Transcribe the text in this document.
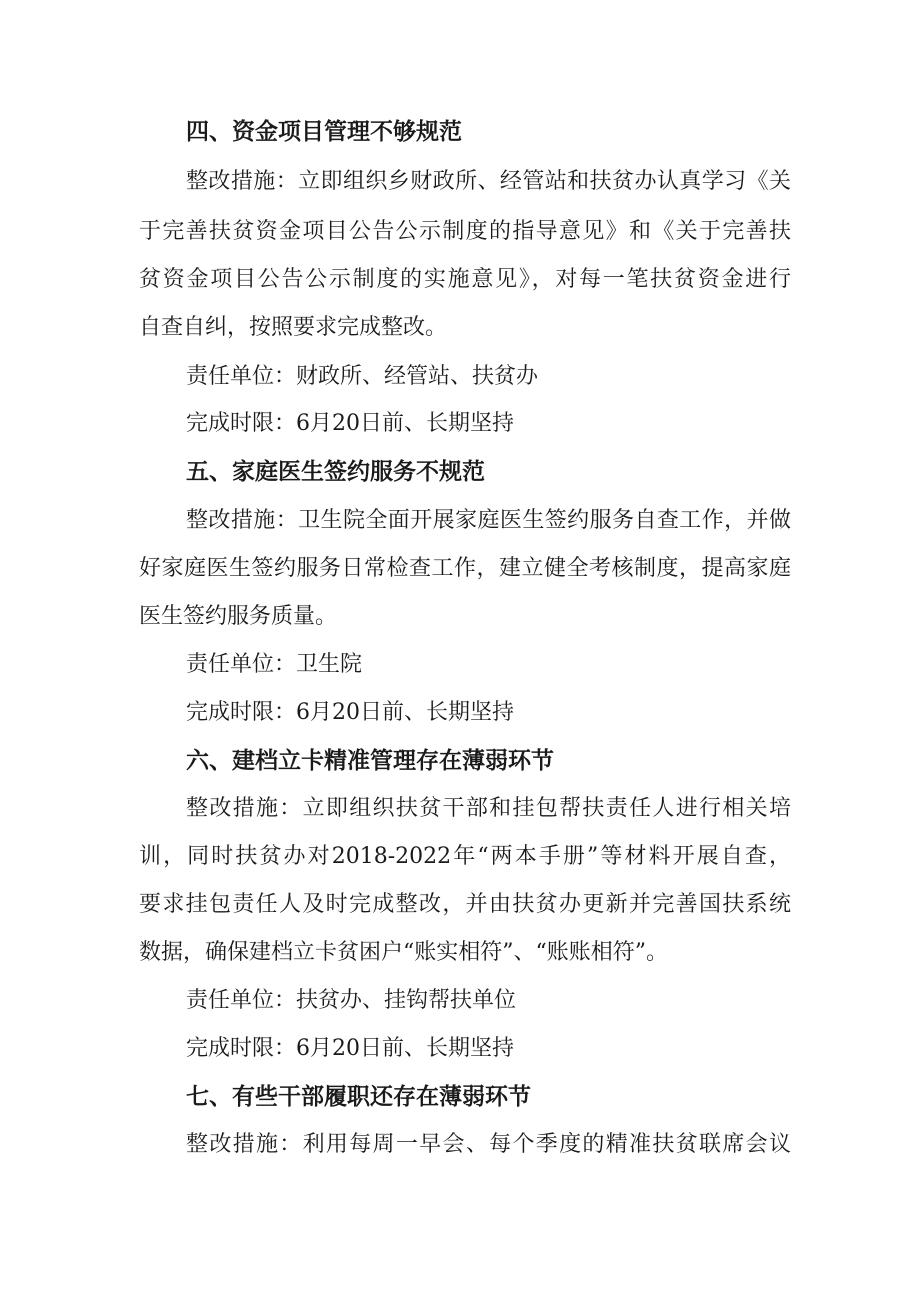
四、资金项目管理不够规范
整改措施：立即组织乡财政所、经管站和扶贫办认真学习《关
于完善扶贫资金项目公告公示制度的指导意见》和《关于完善扶
贫资金项目公告公示制度的实施意见》，对每一笔扶贫资金进行
自查自纠，按照要求完成整改。
责任单位：财政所、经管站、扶贫办
完成时限：6月20日前、长期坚持
五、家庭医生签约服务不规范
整改措施：卫生院全面开展家庭医生签约服务自查工作，并做
好家庭医生签约服务日常检查工作，建立健全考核制度，提高家庭
医生签约服务质量。
责任单位：卫生院
完成时限：6月20日前、长期坚持
六、建档立卡精准管理存在薄弱环节
整改措施：立即组织扶贫干部和挂包帮扶责任人进行相关培
训，同时扶贫办对2018-2022年“两本手册”等材料开展自查，
要求挂包责任人及时完成整改，并由扶贫办更新并完善国扶系统
数据，确保建档立卡贫困户“账实相符”、“账账相符”。
责任单位：扶贫办、挂钩帮扶单位
完成时限：6月20日前、长期坚持
七、有些干部履职还存在薄弱环节
整改措施：利用每周一早会、每个季度的精准扶贫联席会议
